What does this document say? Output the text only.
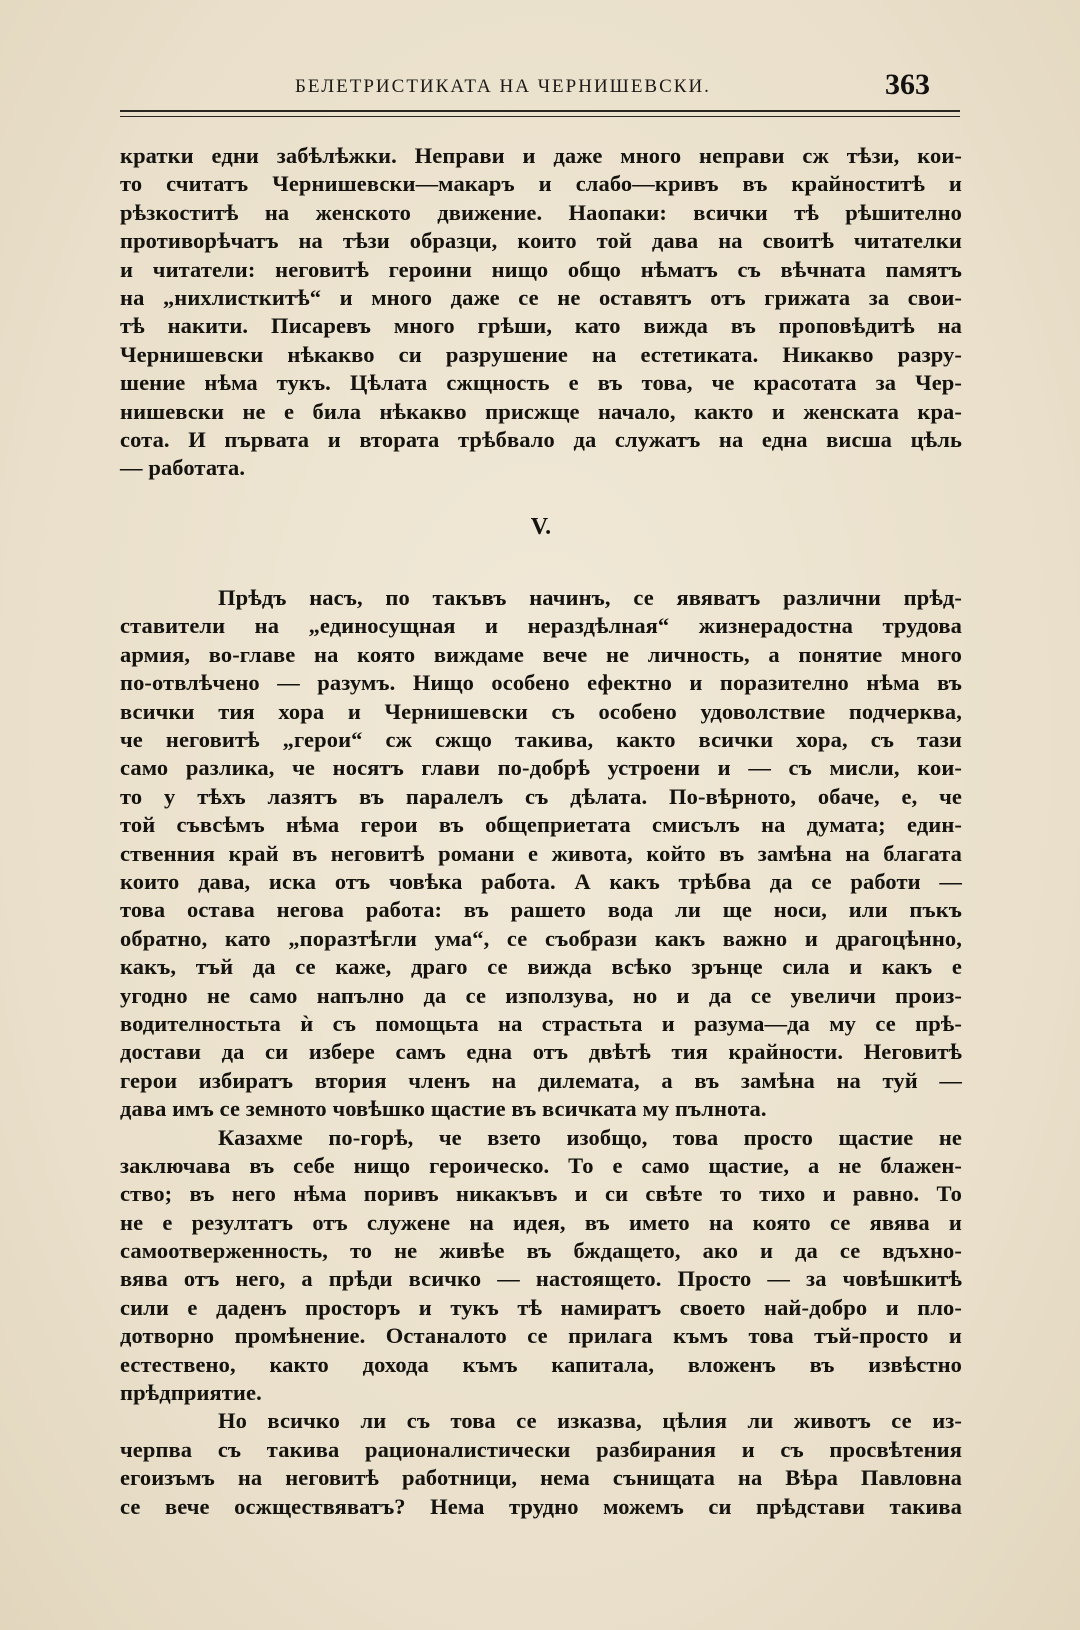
БЕЛЕТРИСТИКАТА НА ЧЕРНИШЕВСКИ.	363
кратки едни забѣлѣжки. Неправи и даже много неправи сж тѣзи, кои-
то считатъ Чернишевски—макаръ и слабо—кривъ въ крайноститѣ и
рѣзкоститѣ на женското движение. Наопаки: всички тѣ рѣшително
противорѣчатъ на тѣзи образци, които той дава на своитѣ читателки
и читатели: неговитѣ героини нищо общо нѣматъ съ вѣчната памятъ
на „нихлисткитѣ“ и много даже се не оставятъ отъ грижата за свои-
тѣ накити. Писаревъ много грѣши, като вижда въ проповѣдитѣ на
Чернишевски нѣкакво си разрушение на естетиката. Никакво разру-
шение нѣма тукъ. Цѣлата сжщность е въ това, че красотата за Чер-
нишевски не е била нѣкакво присжще начало, както и женската кра-
сота. И първата и втората трѣбвало да служатъ на една висша цѣль
— работата.
V.
Прѣдъ насъ, по такъвъ начинъ, се явяватъ различни прѣд-
ставители на „единосущная и нераздѣлная“ жизнерадостна трудова
армия, во-главе на която виждаме вече не личность, а понятие много
по-отвлѣчено — разумъ. Нищо особено ефектно и поразително нѣма въ
всички тия хора и Чернишевски съ особено удоволствие подчерква,
че неговитѣ „герои“ сж сжщо такива, както всички хора, съ тази
само разлика, че носятъ глави по-добрѣ устроени и — съ мисли, кои-
то у тѣхъ лазятъ въ паралелъ съ дѣлата. По-вѣрното, обаче, е, че
той съвсѣмъ нѣма герои въ общеприетата смисълъ на думата; един-
ственния край въ неговитѣ романи е живота, който въ замѣна на благата
които дава, иска отъ човѣка работа. А какъ трѣбва да се работи —
това остава негова работа: въ рашето вода ли ще носи, или пъкъ
обратно, като „поразтѣгли ума“, се съобрази какъ важно и драгоцѣнно,
какъ, тъй да се каже, драго се вижда всѣко зрънце сила и какъ е
угодно не само напълно да се използува, но и да се увеличи произ-
водителностьта ѝ съ помощьта на страстьта и разума—да му се прѣ-
достави да си избере самъ една отъ двѣтѣ тия крайности. Неговитѣ
герои избиратъ втория членъ на дилемата, а въ замѣна на туй —
дава имъ се земното човѣшко щастие въ всичката му пълнота.
Казахме по-горѣ, че взето изобщо, това просто щастие не
заключава въ себе нищо героическо. То е само щастие, а не блажен-
ство; въ него нѣма поривъ никакъвъ и си свѣте то тихо и равно. То
не е резултатъ отъ служене на идея, въ името на която се явява и
самоотверженность, то не живѣе въ бждащето, ако и да се вдъхно-
вява отъ него, а прѣди всичко — настоящето. Просто — за човѣшкитѣ
сили е даденъ просторъ и тукъ тѣ намиратъ своето най-добро и пло-
дотворно промѣнение. Останалото се прилага къмъ това тъй-просто и
естествено, както дохода къмъ капитала, вложенъ въ извѣстно
прѣдприятие.
Но всичко ли съ това се изказва, цѣлия ли животъ се из-
черпва съ такива рационалистически разбирания и съ просвѣтения
егоизъмъ на неговитѣ работници, нема сънищата на Вѣра Павловна
се вече осжществяватъ? Нема трудно можемъ си прѣдстави такива
